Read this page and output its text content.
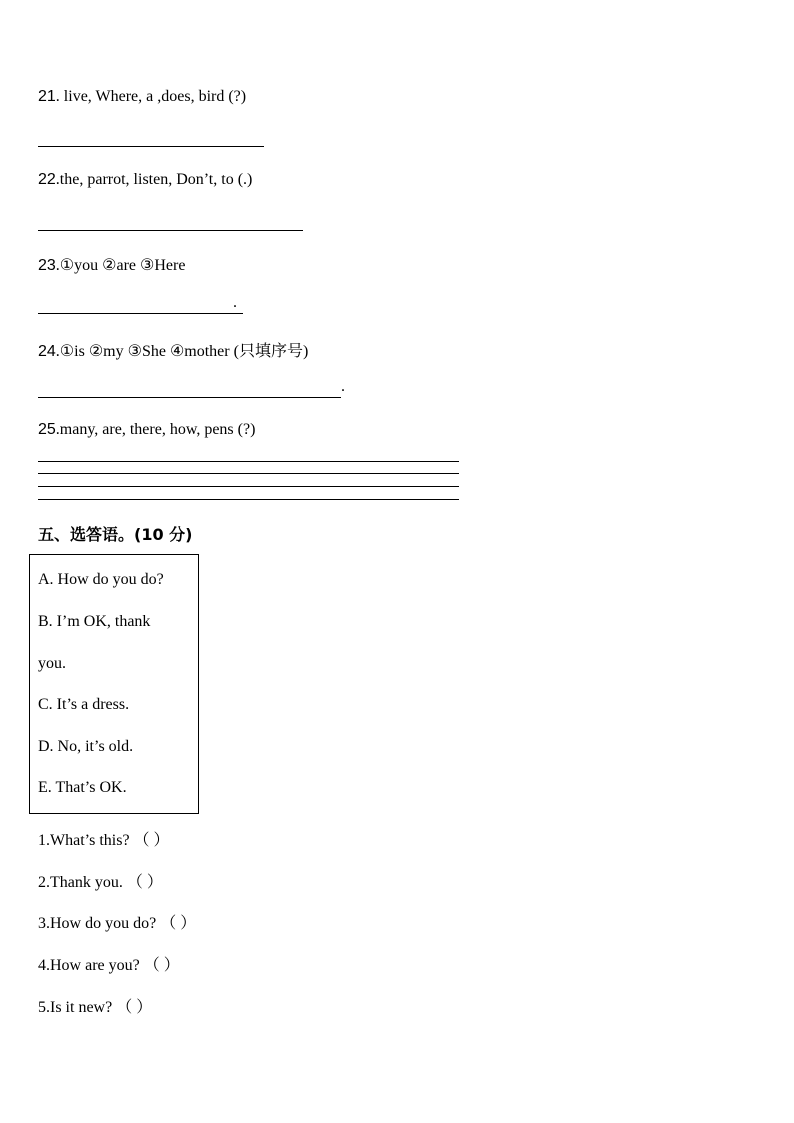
21. live, Where, a ,does, bird (?)
22.the, parrot, listen, Don’t, to (.)
23.①you ②are ③Here
.
24.①is ②my ③She ④mother (只填序号)
.
25.many, are, there, how, pens (?)
五、选答语。(10 分)
A. How do you do?
B. I’m OK, thank
you.
C. It’s a dress.
D. No, it’s old.
E. That’s OK.
1.What’s this? （ ）
2.Thank you. （ ）
3.How do you do? （ ）
4.How are you? （ ）
5.Is it new? （ ）
